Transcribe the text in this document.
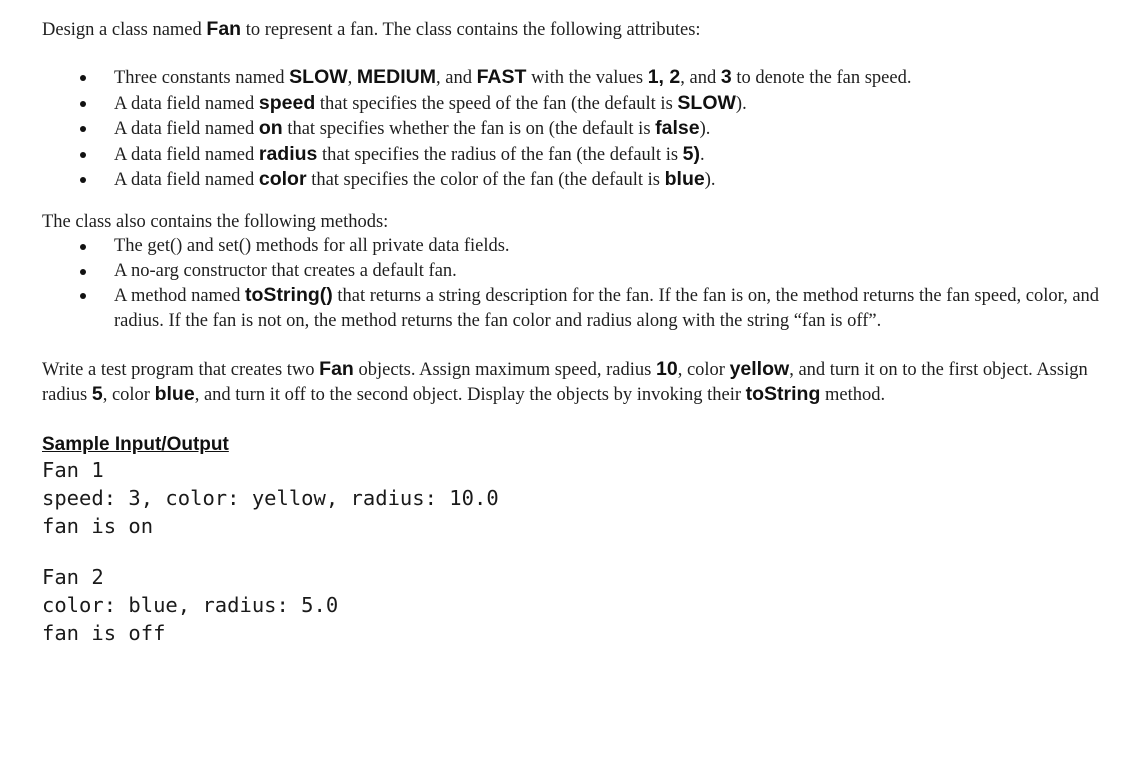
Design a class named Fan to represent a fan. The class contains the following attributes:

Three constants named SLOW, MEDIUM, and FAST with the values 1, 2, and 3 to denote the fan speed.
A data field named speed that specifies the speed of the fan (the default is SLOW).
A data field named on that specifies whether the fan is on (the default is false).
A data field named radius that specifies the radius of the fan (the default is 5).
A data field named color that specifies the color of the fan (the default is blue).

The class also contains the following methods:

The get() and set() methods for all private data fields.
A no-arg constructor that creates a default fan.
A method named toString() that returns a string description for the fan. If the fan is on, the method returns the fan speed, color, and radius. If the fan is not on, the method returns the fan color and radius along with the string “fan is off”.

Write a test program that creates two Fan objects. Assign maximum speed, radius 10, color yellow, and turn it on to the first object. Assign radius 5, color blue, and turn it off to the second object. Display the objects by invoking their toString method.

Sample Input/Output
Fan 1
speed: 3, color: yellow, radius: 10.0
fan is on
Fan 2
color: blue, radius: 5.0
fan is off
